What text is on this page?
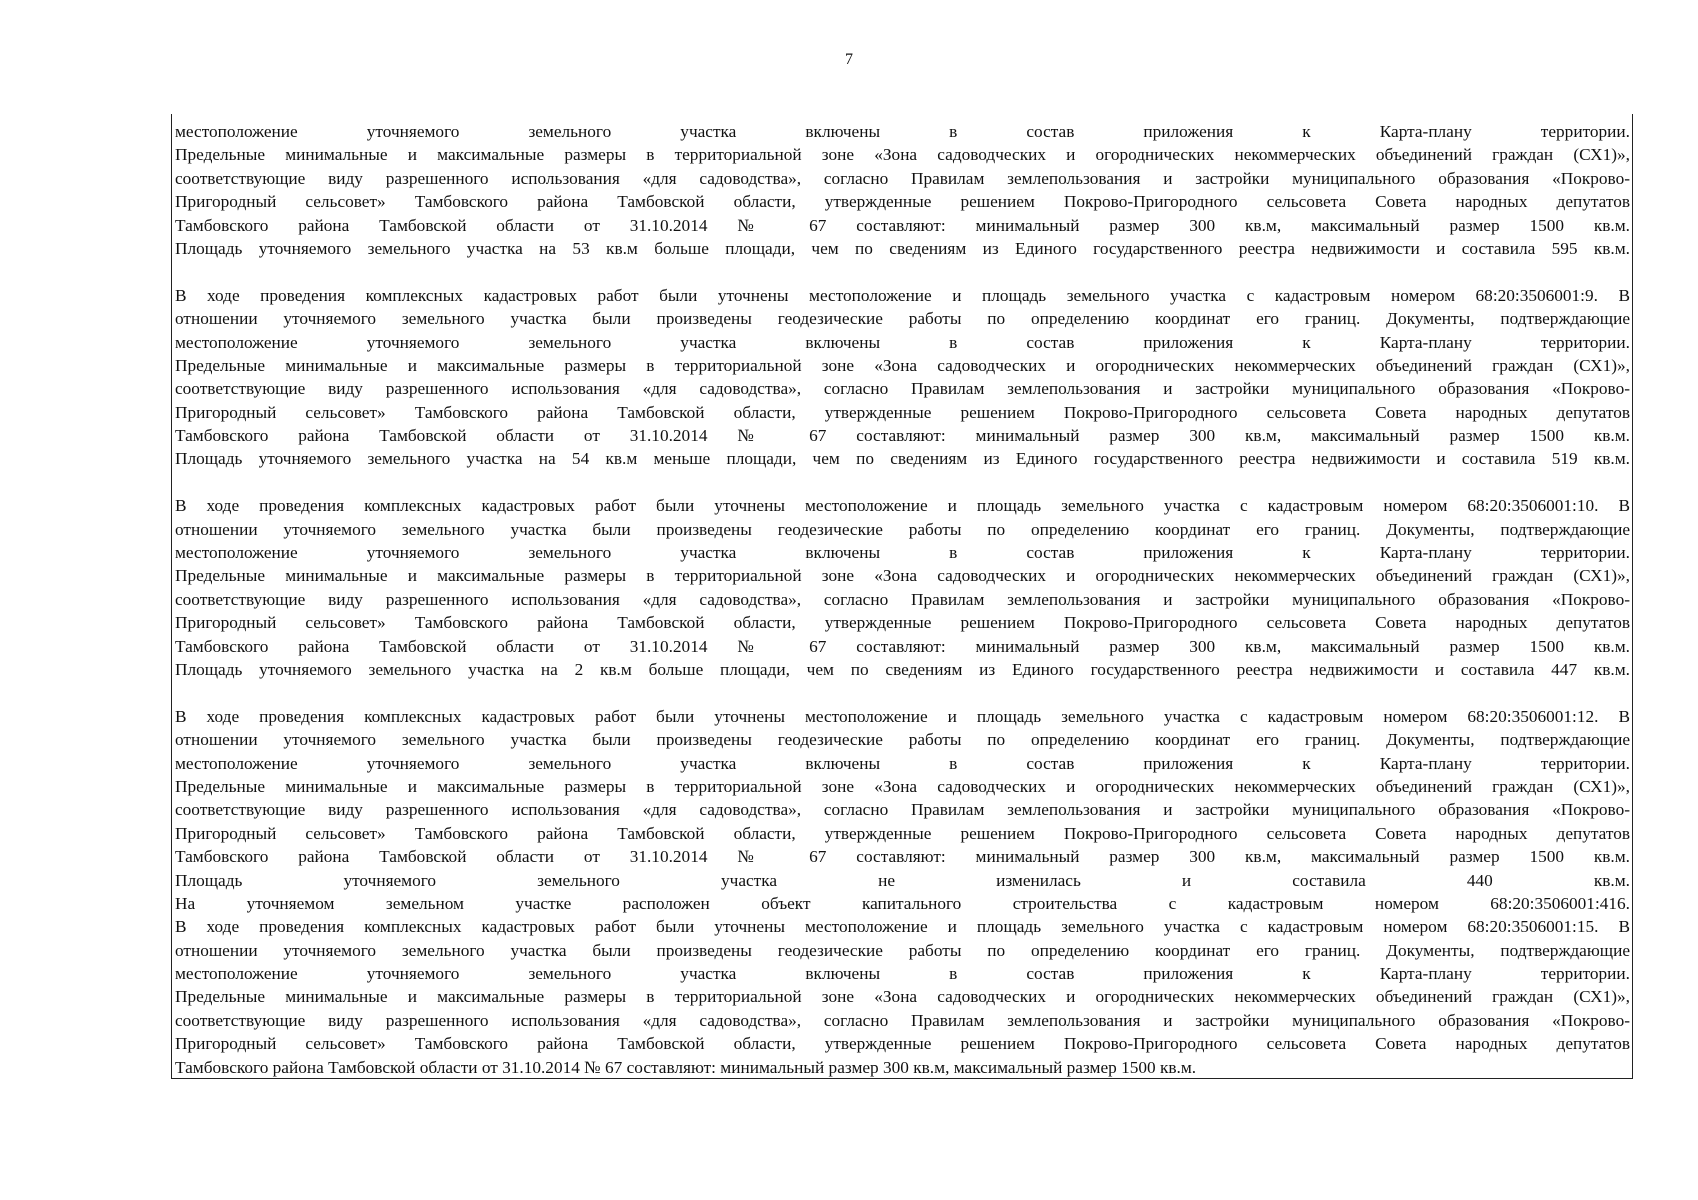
7
местоположение уточняемого земельного участка включены в состав приложения к Карта-плану территории.
Предельные минимальные и максимальные размеры в территориальной зоне «Зона садоводческих и огороднических некоммерческих объединений граждан (СХ1)»,
соответствующие виду разрешенного использования «для садоводства», согласно Правилам землепользования и застройки муниципального образования «Покрово-
Пригородный сельсовет» Тамбовского района Тамбовской области, утвержденные решением Покрово-Пригородного сельсовета Совета народных депутатов
Тамбовского района Тамбовской области от 31.10.2014 № 67 составляют: минимальный размер 300 кв.м, максимальный размер 1500 кв.м.
Площадь уточняемого земельного участка на 53 кв.м больше площади, чем по сведениям из Единого государственного реестра недвижимости и составила 595 кв.м.
В ходе проведения комплексных кадастровых работ были уточнены местоположение и площадь земельного участка с кадастровым номером 68:20:3506001:9. В
отношении уточняемого земельного участка были произведены геодезические работы по определению координат его границ. Документы, подтверждающие
местоположение уточняемого земельного участка включены в состав приложения к Карта-плану территории.
Предельные минимальные и максимальные размеры в территориальной зоне «Зона садоводческих и огороднических некоммерческих объединений граждан (СХ1)»,
соответствующие виду разрешенного использования «для садоводства», согласно Правилам землепользования и застройки муниципального образования «Покрово-
Пригородный сельсовет» Тамбовского района Тамбовской области, утвержденные решением Покрово-Пригородного сельсовета Совета народных депутатов
Тамбовского района Тамбовской области от 31.10.2014 № 67 составляют: минимальный размер 300 кв.м, максимальный размер 1500 кв.м.
Площадь уточняемого земельного участка на 54 кв.м меньше площади, чем по сведениям из Единого государственного реестра недвижимости и составила 519 кв.м.
В ходе проведения комплексных кадастровых работ были уточнены местоположение и площадь земельного участка с кадастровым номером 68:20:3506001:10. В
отношении уточняемого земельного участка были произведены геодезические работы по определению координат его границ. Документы, подтверждающие
местоположение уточняемого земельного участка включены в состав приложения к Карта-плану территории.
Предельные минимальные и максимальные размеры в территориальной зоне «Зона садоводческих и огороднических некоммерческих объединений граждан (СХ1)»,
соответствующие виду разрешенного использования «для садоводства», согласно Правилам землепользования и застройки муниципального образования «Покрово-
Пригородный сельсовет» Тамбовского района Тамбовской области, утвержденные решением Покрово-Пригородного сельсовета Совета народных депутатов
Тамбовского района Тамбовской области от 31.10.2014 № 67 составляют: минимальный размер 300 кв.м, максимальный размер 1500 кв.м.
Площадь уточняемого земельного участка на 2 кв.м больше площади, чем по сведениям из Единого государственного реестра недвижимости и составила 447 кв.м.
В ходе проведения комплексных кадастровых работ были уточнены местоположение и площадь земельного участка с кадастровым номером 68:20:3506001:12. В
отношении уточняемого земельного участка были произведены геодезические работы по определению координат его границ. Документы, подтверждающие
местоположение уточняемого земельного участка включены в состав приложения к Карта-плану территории.
Предельные минимальные и максимальные размеры в территориальной зоне «Зона садоводческих и огороднических некоммерческих объединений граждан (СХ1)»,
соответствующие виду разрешенного использования «для садоводства», согласно Правилам землепользования и застройки муниципального образования «Покрово-
Пригородный сельсовет» Тамбовского района Тамбовской области, утвержденные решением Покрово-Пригородного сельсовета Совета народных депутатов
Тамбовского района Тамбовской области от 31.10.2014 № 67 составляют: минимальный размер 300 кв.м, максимальный размер 1500 кв.м.
Площадь уточняемого земельного участка не изменилась и составила 440 кв.м.
На уточняемом земельном участке расположен объект капитального строительства с кадастровым номером 68:20:3506001:416.
В ходе проведения комплексных кадастровых работ были уточнены местоположение и площадь земельного участка с кадастровым номером 68:20:3506001:15. В
отношении уточняемого земельного участка были произведены геодезические работы по определению координат его границ. Документы, подтверждающие
местоположение уточняемого земельного участка включены в состав приложения к Карта-плану территории.
Предельные минимальные и максимальные размеры в территориальной зоне «Зона садоводческих и огороднических некоммерческих объединений граждан (СХ1)»,
соответствующие виду разрешенного использования «для садоводства», согласно Правилам землепользования и застройки муниципального образования «Покрово-
Пригородный сельсовет» Тамбовского района Тамбовской области, утвержденные решением Покрово-Пригородного сельсовета Совета народных депутатов
Тамбовского района Тамбовской области от 31.10.2014 № 67 составляют: минимальный размер 300 кв.м, максимальный размер 1500 кв.м.
